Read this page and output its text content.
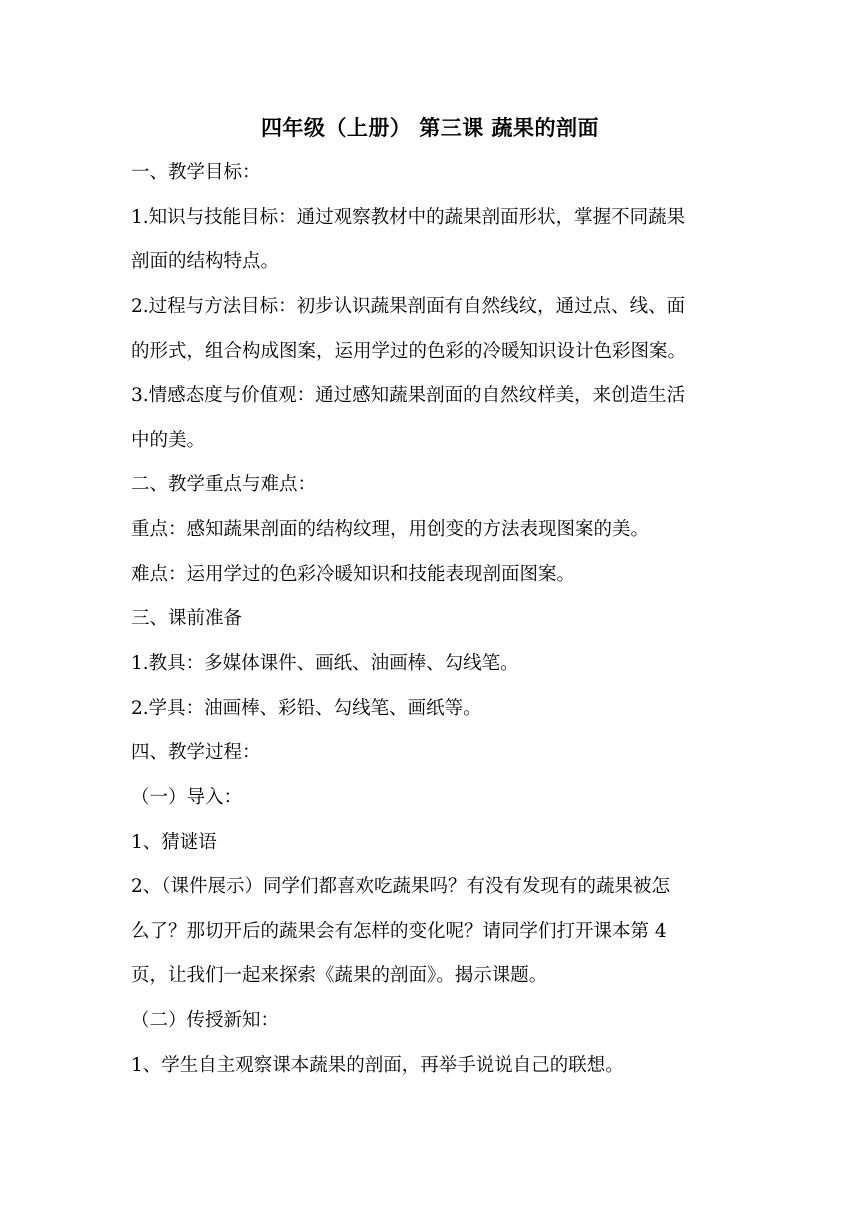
四年级（上册） 第三课 蔬果的剖面
一、教学目标：
1.知识与技能目标：通过观察教材中的蔬果剖面形状，掌握不同蔬果
剖面的结构特点。
2.过程与方法目标：初步认识蔬果剖面有自然线纹，通过点、线、面
的形式，组合构成图案，运用学过的色彩的冷暖知识设计色彩图案。
3.情感态度与价值观：通过感知蔬果剖面的自然纹样美，来创造生活
中的美。
二、教学重点与难点：
重点：感知蔬果剖面的结构纹理，用创变的方法表现图案的美。
难点：运用学过的色彩冷暖知识和技能表现剖面图案。
三、课前准备
1.教具：多媒体课件、画纸、油画棒、勾线笔。
2.学具：油画棒、彩铅、勾线笔、画纸等。
四、教学过程：
（一）导入：
1、猜谜语
2、（课件展示）同学们都喜欢吃蔬果吗？有没有发现有的蔬果被怎
么了？那切开后的蔬果会有怎样的变化呢？请同学们打开课本第 4
页，让我们一起来探索《蔬果的剖面》。揭示课题。
（二）传授新知：
1、学生自主观察课本蔬果的剖面，再举手说说自己的联想。
